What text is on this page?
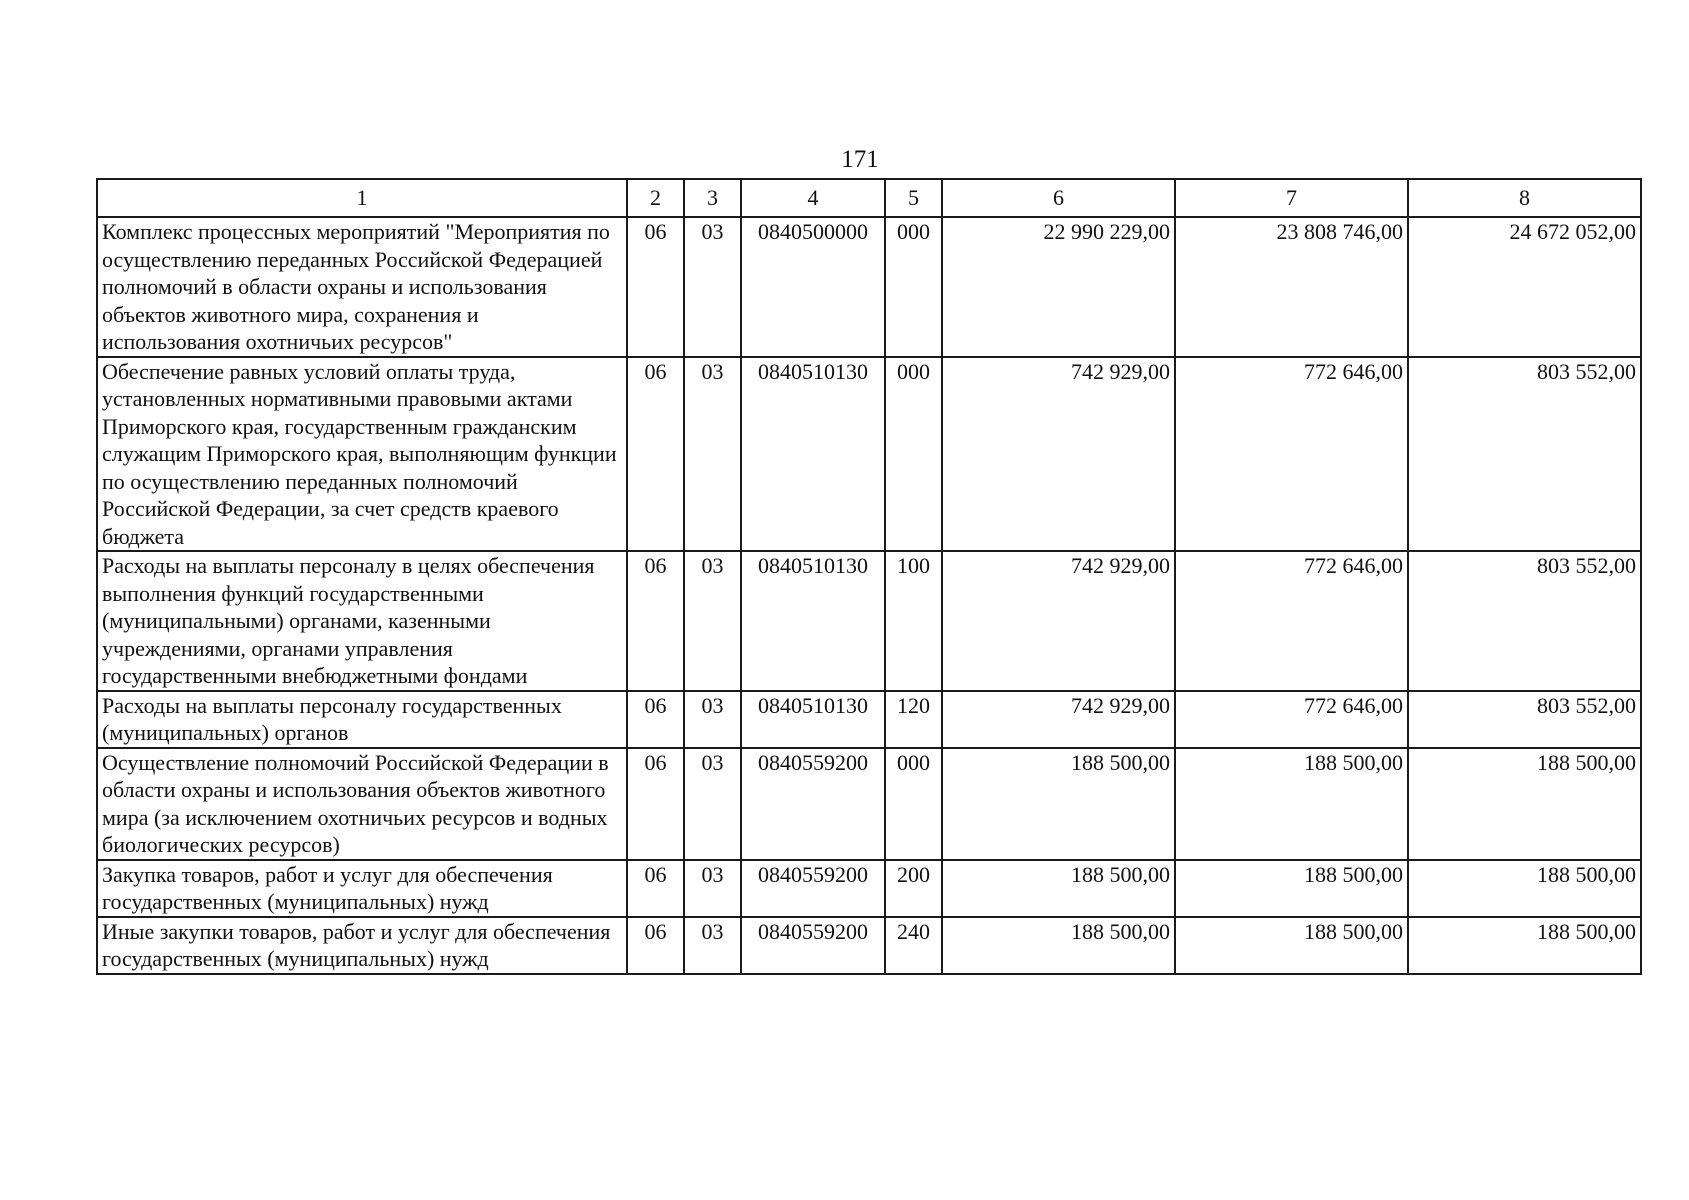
171
1	2	3	4	5	6	7	8
Комплекс процессных мероприятий "Мероприятия по осуществлению переданных Российской Федерацией полномочий в области охраны и использования объектов животного мира, сохранения и использования охотничьих ресурсов"	06	03	0840500000	000	22 990 229,00	23 808 746,00	24 672 052,00
Обеспечение равных условий оплаты труда, установленных нормативными правовыми актами Приморского края, государственным гражданским служащим Приморского края, выполняющим функции по осуществлению переданных полномочий Российской Федерации, за счет средств краевого бюджета	06	03	0840510130	000	742 929,00	772 646,00	803 552,00
Расходы на выплаты персоналу в целях обеспечения выполнения функций государственными (муниципальными) органами, казенными учреждениями, органами управления государственными внебюджетными фондами	06	03	0840510130	100	742 929,00	772 646,00	803 552,00
Расходы на выплаты персоналу государственных (муниципальных) органов	06	03	0840510130	120	742 929,00	772 646,00	803 552,00
Осуществление полномочий Российской Федерации в области охраны и использования объектов животного мира (за исключением охотничьих ресурсов и водных биологических ресурсов)	06	03	0840559200	000	188 500,00	188 500,00	188 500,00
Закупка товаров, работ и услуг для обеспечения государственных (муниципальных) нужд	06	03	0840559200	200	188 500,00	188 500,00	188 500,00
Иные закупки товаров, работ и услуг для обеспечения государственных (муниципальных) нужд	06	03	0840559200	240	188 500,00	188 500,00	188 500,00
